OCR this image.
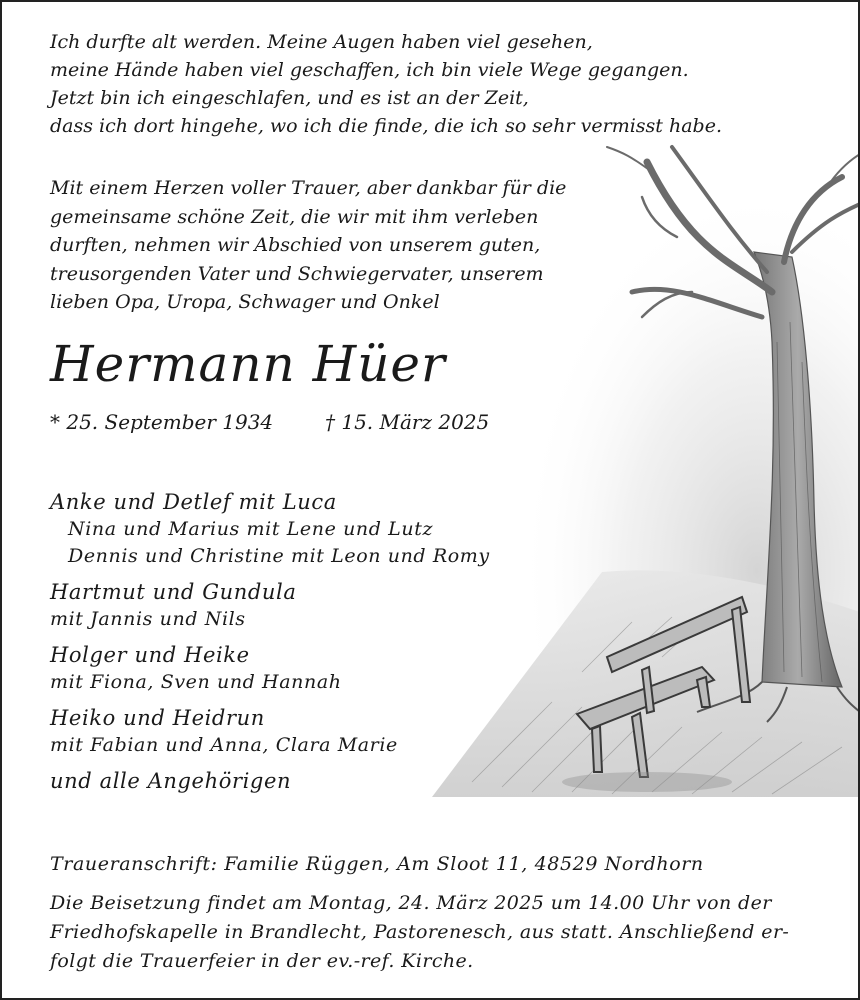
Ich durfte alt werden. Meine Augen haben viel gesehen,
meine Hände haben viel geschaffen, ich bin viele Wege gegangen.
Jetzt bin ich eingeschlafen, und es ist an der Zeit,
dass ich dort hingehe, wo ich die finde, die ich so sehr vermisst habe.
Mit einem Herzen voller Trauer, aber dankbar für die
gemeinsame schöne Zeit, die wir mit ihm verleben
durften, nehmen wir Abschied von unserem guten,
treusorgenden Vater und Schwiegervater, unserem
lieben Opa, Uropa, Schwager und Onkel
Hermann Hüer
* 25. September 1934	† 15. März 2025
Anke und Detlef mit Luca
Nina und Marius mit Lene und Lutz
Dennis und Christine mit Leon und Romy
Hartmut und Gundula
mit Jannis und Nils
Holger und Heike
mit Fiona, Sven und Hannah
Heiko und Heidrun
mit Fabian und Anna, Clara Marie
und alle Angehörigen
Traueranschrift: Familie Rüggen, Am Sloot 11, 48529 Nordhorn
Die Beisetzung findet am Montag, 24. März 2025 um 14.00 Uhr von der
Friedhofskapelle in Brandlecht, Pastorenesch, aus statt. Anschließend er-
folgt die Trauerfeier in der ev.-ref. Kirche.
